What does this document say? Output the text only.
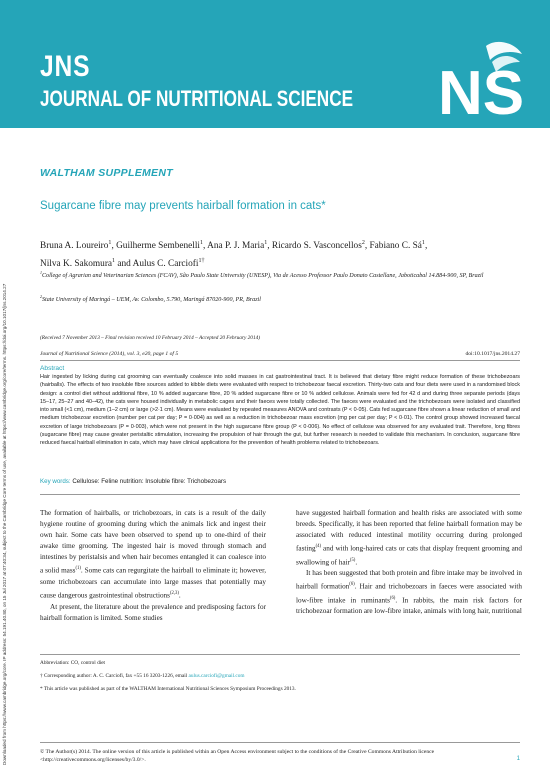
JNS
JOURNAL OF NUTRITIONAL SCIENCE NS
Downloaded from https://www.cambridge.org/core. IP address: 54.191.40.80, on 15 Jul 2017 at 07:40:34, subject to the Cambridge Core terms of use, available at https://www.cambridge.org/core/terms. https://doi.org/10.1017/jns.2014.27
WALTHAM SUPPLEMENT
Sugarcane fibre may prevents hairball formation in cats*
Bruna A. Loureiro$^1$, Guilherme Sembenelli$^1$, Ana P. J. Maria$^1$, Ricardo S. Vasconcellos$^2$, Fabiano C. $Sá^1$,
Nilva K. Sakomura$^1$ and Aulus C. Carciofi$^{1\dagger}$
$^1$College of Agrarian and Veterinarian Sciences (FCAV), São Paulo State University (UNESP), Via de Acesso Professor Paulo Donato Castellane, Jaboticabal 14.884-900, SP, Brazil
$^2$State University of Maringá – UEM, Av. Colombo, 5.790, Maringá 87020-900, PR, Brazil
(Received 7 November 2013 – Final revision received 10 February 2014 – Accepted 20 February 2014)
Journal of Nutritional Science (2014), vol. 3, e20, page 1 of 5	doi:10.1017/jns.2014.27
Abstract
Hair ingested by licking during cat grooming can eventually coalesce into solid masses in cat gastrointestinal tract. It is believed that dietary fibre might reduce formation of these trichobezoars (hairballs). The effects of two insoluble fibre sources added to kibble diets were evaluated with respect to trichobezoar faecal excretion. Thirty-two cats and four diets were used in a randomised block design: a control diet without additional fibre, 10 % added sugarcane fibre, 20 % added sugarcane fibre or 10 % added cellulose. Animals were fed for 42 d and during three separate periods (days 15–17, 25–27 and 40–42), the cats were housed individually in metabolic cages and their faeces were totally collected. The faeces were evaluated and the trichobezoars were isolated and classified into small (<1 cm), medium (1–2 cm) or large (>2·1 cm). Means were evaluated by repeated measures ANOVA and contrasts (P < 0·05). Cats fed sugarcane fibre shown a linear reduction of small and medium trichobezoar excretion (number per cat per day; P = 0·004) as well as a reduction in trichobezoar mass excretion (mg per cat per day; P < 0·01). The control group showed increased faecal excretion of large trichobezoars (P = 0·003), which were not present in the high sugarcane fibre group (P < 0·006). No effect of cellulose was observed for any evaluated trait. Therefore, long fibres (sugarcane fibre) may cause greater peristaltic stimulation, increasing the propulsion of hair through the gut, but further research is needed to validate this mechanism. In conclusion, sugarcane fibre reduced faecal hairball elimination in cats, which may have clinical applications for the prevention of health problems related to trichobezoars.
Key words: Cellulose: Feline nutrition: Insoluble fibre: Trichobezoars

The formation of hairballs, or trichobezoars, in cats is a result of the daily hygiene routine of grooming during which the animals lick and ingest their own hair. Some cats have been observed to spend up to one-third of their awake time grooming. The ingested hair is moved through stomach and intestines by peristalsis and when hair becomes entangled it can coalesce into a solid mass$^{(1)}$. Some cats can regurgitate the hairball to eliminate it; however, some trichobezoars can accumulate into large masses that potentially may cause dangerous gastrointestinal obstructions$^{(2,3)}$.

At present, the literature about the prevalence and predisposing factors for hairball formation is limited. Some studies

have suggested hairball formation and health risks are associated with some breeds. Specifically, it has been reported that feline hairball formation may be associated with reduced intestinal motility occurring during prolonged fasting$^{(4)}$ and with long-haired cats or cats that display frequent grooming and swallowing of hair$^{(5)}$.

It has been suggested that both protein and fibre intake may be involved in hairball formation$^{(6)}$. Hair and trichobezoars in faeces were associated with low-fibre intake in ruminants$^{(6)}$. In rabbits, the main risk factors for trichobezoar formation are low-fibre intake, animals with long hair, nutritional

Abbreviation: CO, control diet
† Corresponding author: A. C. Carciofi, fax +55 16 3203-1226, email aulus.carciofi@gmail.com
* This article was published as part of the WALTHAM International Nutritional Sciences Symposium Proceedings 2013.
© The Author(s) 2014. The online version of this article is published within an Open Access environment subject to the conditions of the Creative Commons Attribution licence <http://creativecommons.org/licenses/by/3.0/>.	1
